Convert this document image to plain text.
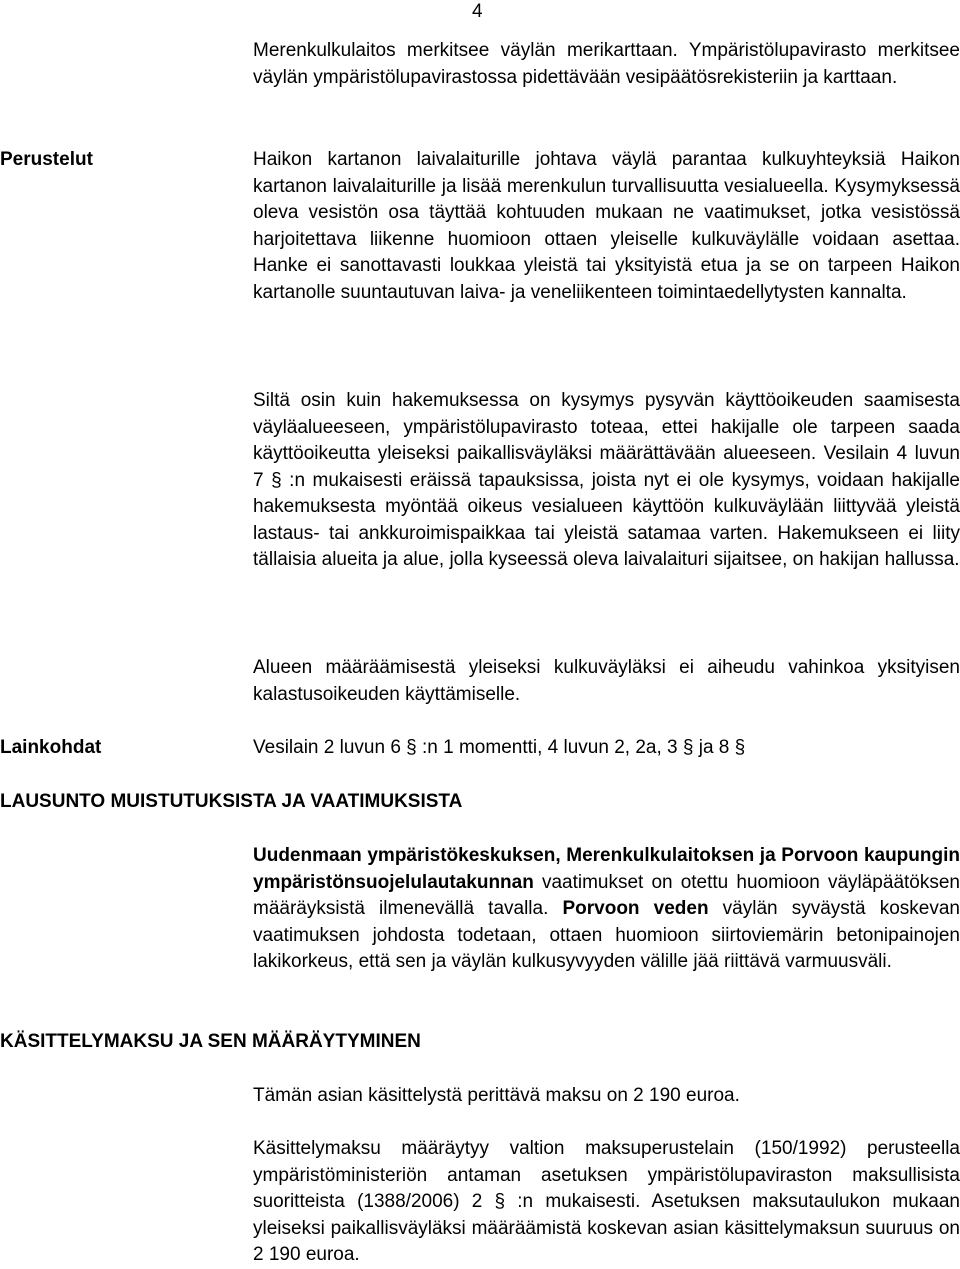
4

Merenkulkulaitos merkitsee väylän merikarttaan. Ympäristölupavirasto merkitsee väylän ympäristölupavirastossa pidettävään vesipäätösrekisteriin ja karttaan.

Perustelut	Haikon kartanon laivalaiturille johtava väylä parantaa kulkuyhteyksiä Haikon kartanon laivalaiturille ja lisää merenkulun turvallisuutta vesialueella. Kysymyksessä oleva vesistön osa täyttää kohtuuden mukaan ne vaatimukset, jotka vesistössä harjoitettava liikenne huomioon ottaen yleiselle kulkuväylälle voidaan asettaa. Hanke ei sanottavasti loukkaa yleistä tai yksityistä etua ja se on tarpeen Haikon kartanolle suuntautuvan laiva- ja veneliikenteen toimintaedellytysten kannalta.

Siltä osin kuin hakemuksessa on kysymys pysyvän käyttöoikeuden saamisesta väyläalueeseen, ympäristölupavirasto toteaa, ettei hakijalle ole tarpeen saada käyttöoikeutta yleiseksi paikallisväyläksi määrättävään alueeseen. Vesilain 4 luvun 7 § :n mukaisesti eräissä tapauksissa, joista nyt ei ole kysymys, voidaan hakijalle hakemuksesta myöntää oikeus vesialueen käyttöön kulkuväylään liittyvää yleistä lastaus- tai ankkuroimispaikkaa tai yleistä satamaa varten. Hakemukseen ei liity tällaisia alueita ja alue, jolla kyseessä oleva laivalaituri sijaitsee, on hakijan hallussa.

Alueen määräämisestä yleiseksi kulkuväyläksi ei aiheudu vahinkoa yksityisen kalastusoikeuden käyttämiselle.

Lainkohdat	Vesilain 2 luvun 6 § :n 1 momentti, 4 luvun 2, 2a, 3 § ja 8 §
LAUSUNTO MUISTUTUKSISTA JA VAATIMUKSISTA

Uudenmaan ympäristökeskuksen, Merenkulkulaitoksen ja Porvoon kaupungin ympäristönsuojelulautakunnan vaatimukset on otettu huomioon väyläpäätöksen määräyksistä ilmenevällä tavalla. Porvoon veden väylän syväystä koskevan vaatimuksen johdosta todetaan, ottaen huomioon siirtoviemärin betonipainojen lakikorkeus, että sen ja väylän kulkusyvyyden välille jää riittävä varmuusväli.

KÄSITTELYMAKSU JA SEN MÄÄRÄYTYMINEN

Tämän asian käsittelystä perittävä maksu on 2 190 euroa.

Käsittelymaksu määräytyy valtion maksuperustelain (150/1992) perusteella ympäristöministeriön antaman asetuksen ympäristölupaviraston maksullisista suoritteista (1388/2006) 2 § :n mukaisesti. Asetuksen maksutaulukon mukaan yleiseksi paikallisväyläksi määräämistä koskevan asian käsittelymaksun suuruus on 2 190 euroa.
